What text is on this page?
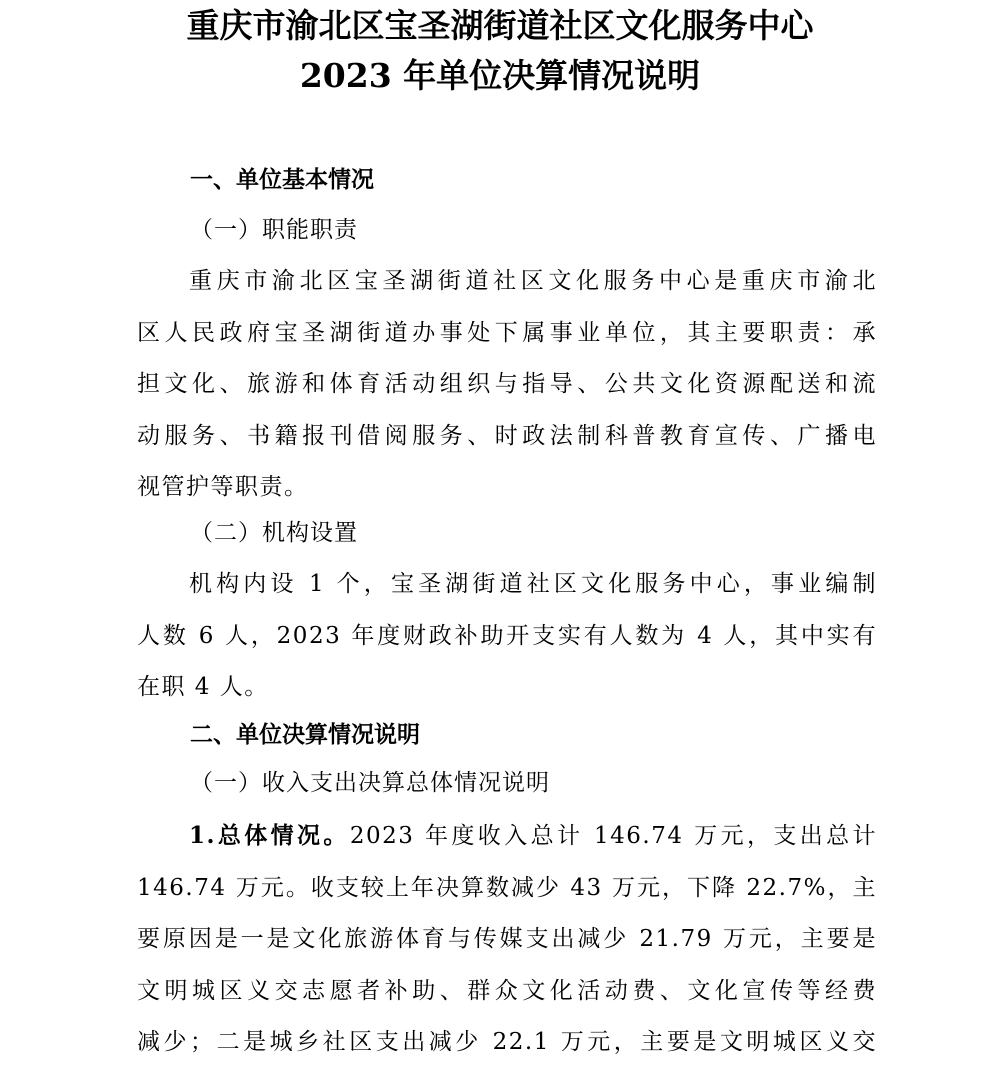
重庆市渝北区宝圣湖街道社区文化服务中心
2023 年单位决算情况说明
一、单位基本情况
（一）职能职责
重庆市渝北区宝圣湖街道社区文化服务中心是重庆市渝北
区人民政府宝圣湖街道办事处下属事业单位，其主要职责：承
担文化、旅游和体育活动组织与指导、公共文化资源配送和流
动服务、书籍报刊借阅服务、时政法制科普教育宣传、广播电
视管护等职责。
（二）机构设置
机构内设 1 个，宝圣湖街道社区文化服务中心，事业编制
人数 6 人，2023 年度财政补助开支实有人数为 4 人，其中实有
在职 4 人。
二、单位决算情况说明
（一）收入支出决算总体情况说明
1.总体情况。2023 年度收入总计 146.74 万元，支出总计
146.74 万元。收支较上年决算数减少 43 万元，下降 22.7%，主
要原因是一是文化旅游体育与传媒支出减少 21.79 万元，主要是
文明城区义交志愿者补助、群众文化活动费、文化宣传等经费
减少；二是城乡社区支出减少 22.1 万元，主要是文明城区义交
